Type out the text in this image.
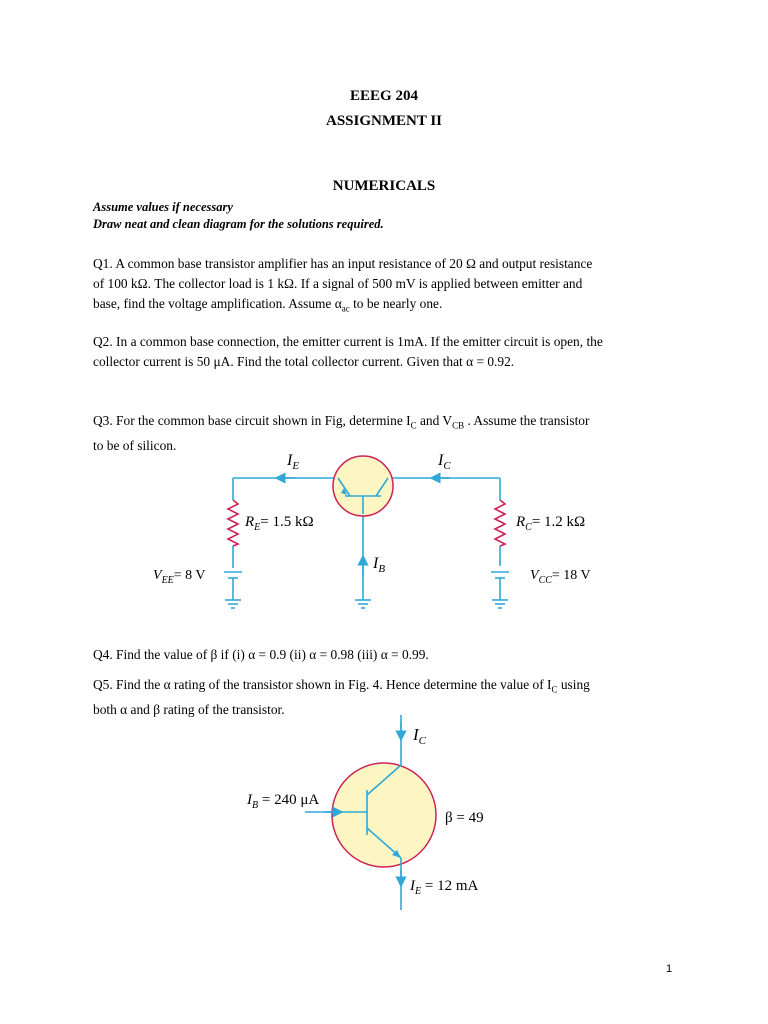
EEEG 204
ASSIGNMENT II
NUMERICALS
Assume values if necessary
Draw neat and clean diagram for the solutions required.
Q1. A common base transistor amplifier has an input resistance of 20 Ω and output resistance
of 100 kΩ. The collector load is 1 kΩ. If a signal of 500 mV is applied between emitter and
base, find the voltage amplification. Assume $\alpha_{ac}$ to be nearly one.
Q2. In a common base connection, the emitter current is 1mA. If the emitter circuit is open, the
collector current is 50 μA. Find the total collector current. Given that α = 0.92.
Q3. For the common base circuit shown in Fig, determine $I_C$ and $V_{CB}$ . Assume the transistor
to be of silicon.
$I_E$	$I_C$
$I_B$
$R_E= 1.5$ kΩ	$R_C= 1.2$ kΩ
$V_{EE}= 8$ V	$V_{CC}= 18$ V
Q4. Find the value of β if (i) α = 0.9 (ii) α = 0.98 (iii) α = 0.99.
Q5. Find the α rating of the transistor shown in Fig. 4. Hence determine the value of $I_C$ using
both α and β rating of the transistor.
$I_C$
$I_B = 240$ μA
β = 49
$I_E = 12$ mA
1
